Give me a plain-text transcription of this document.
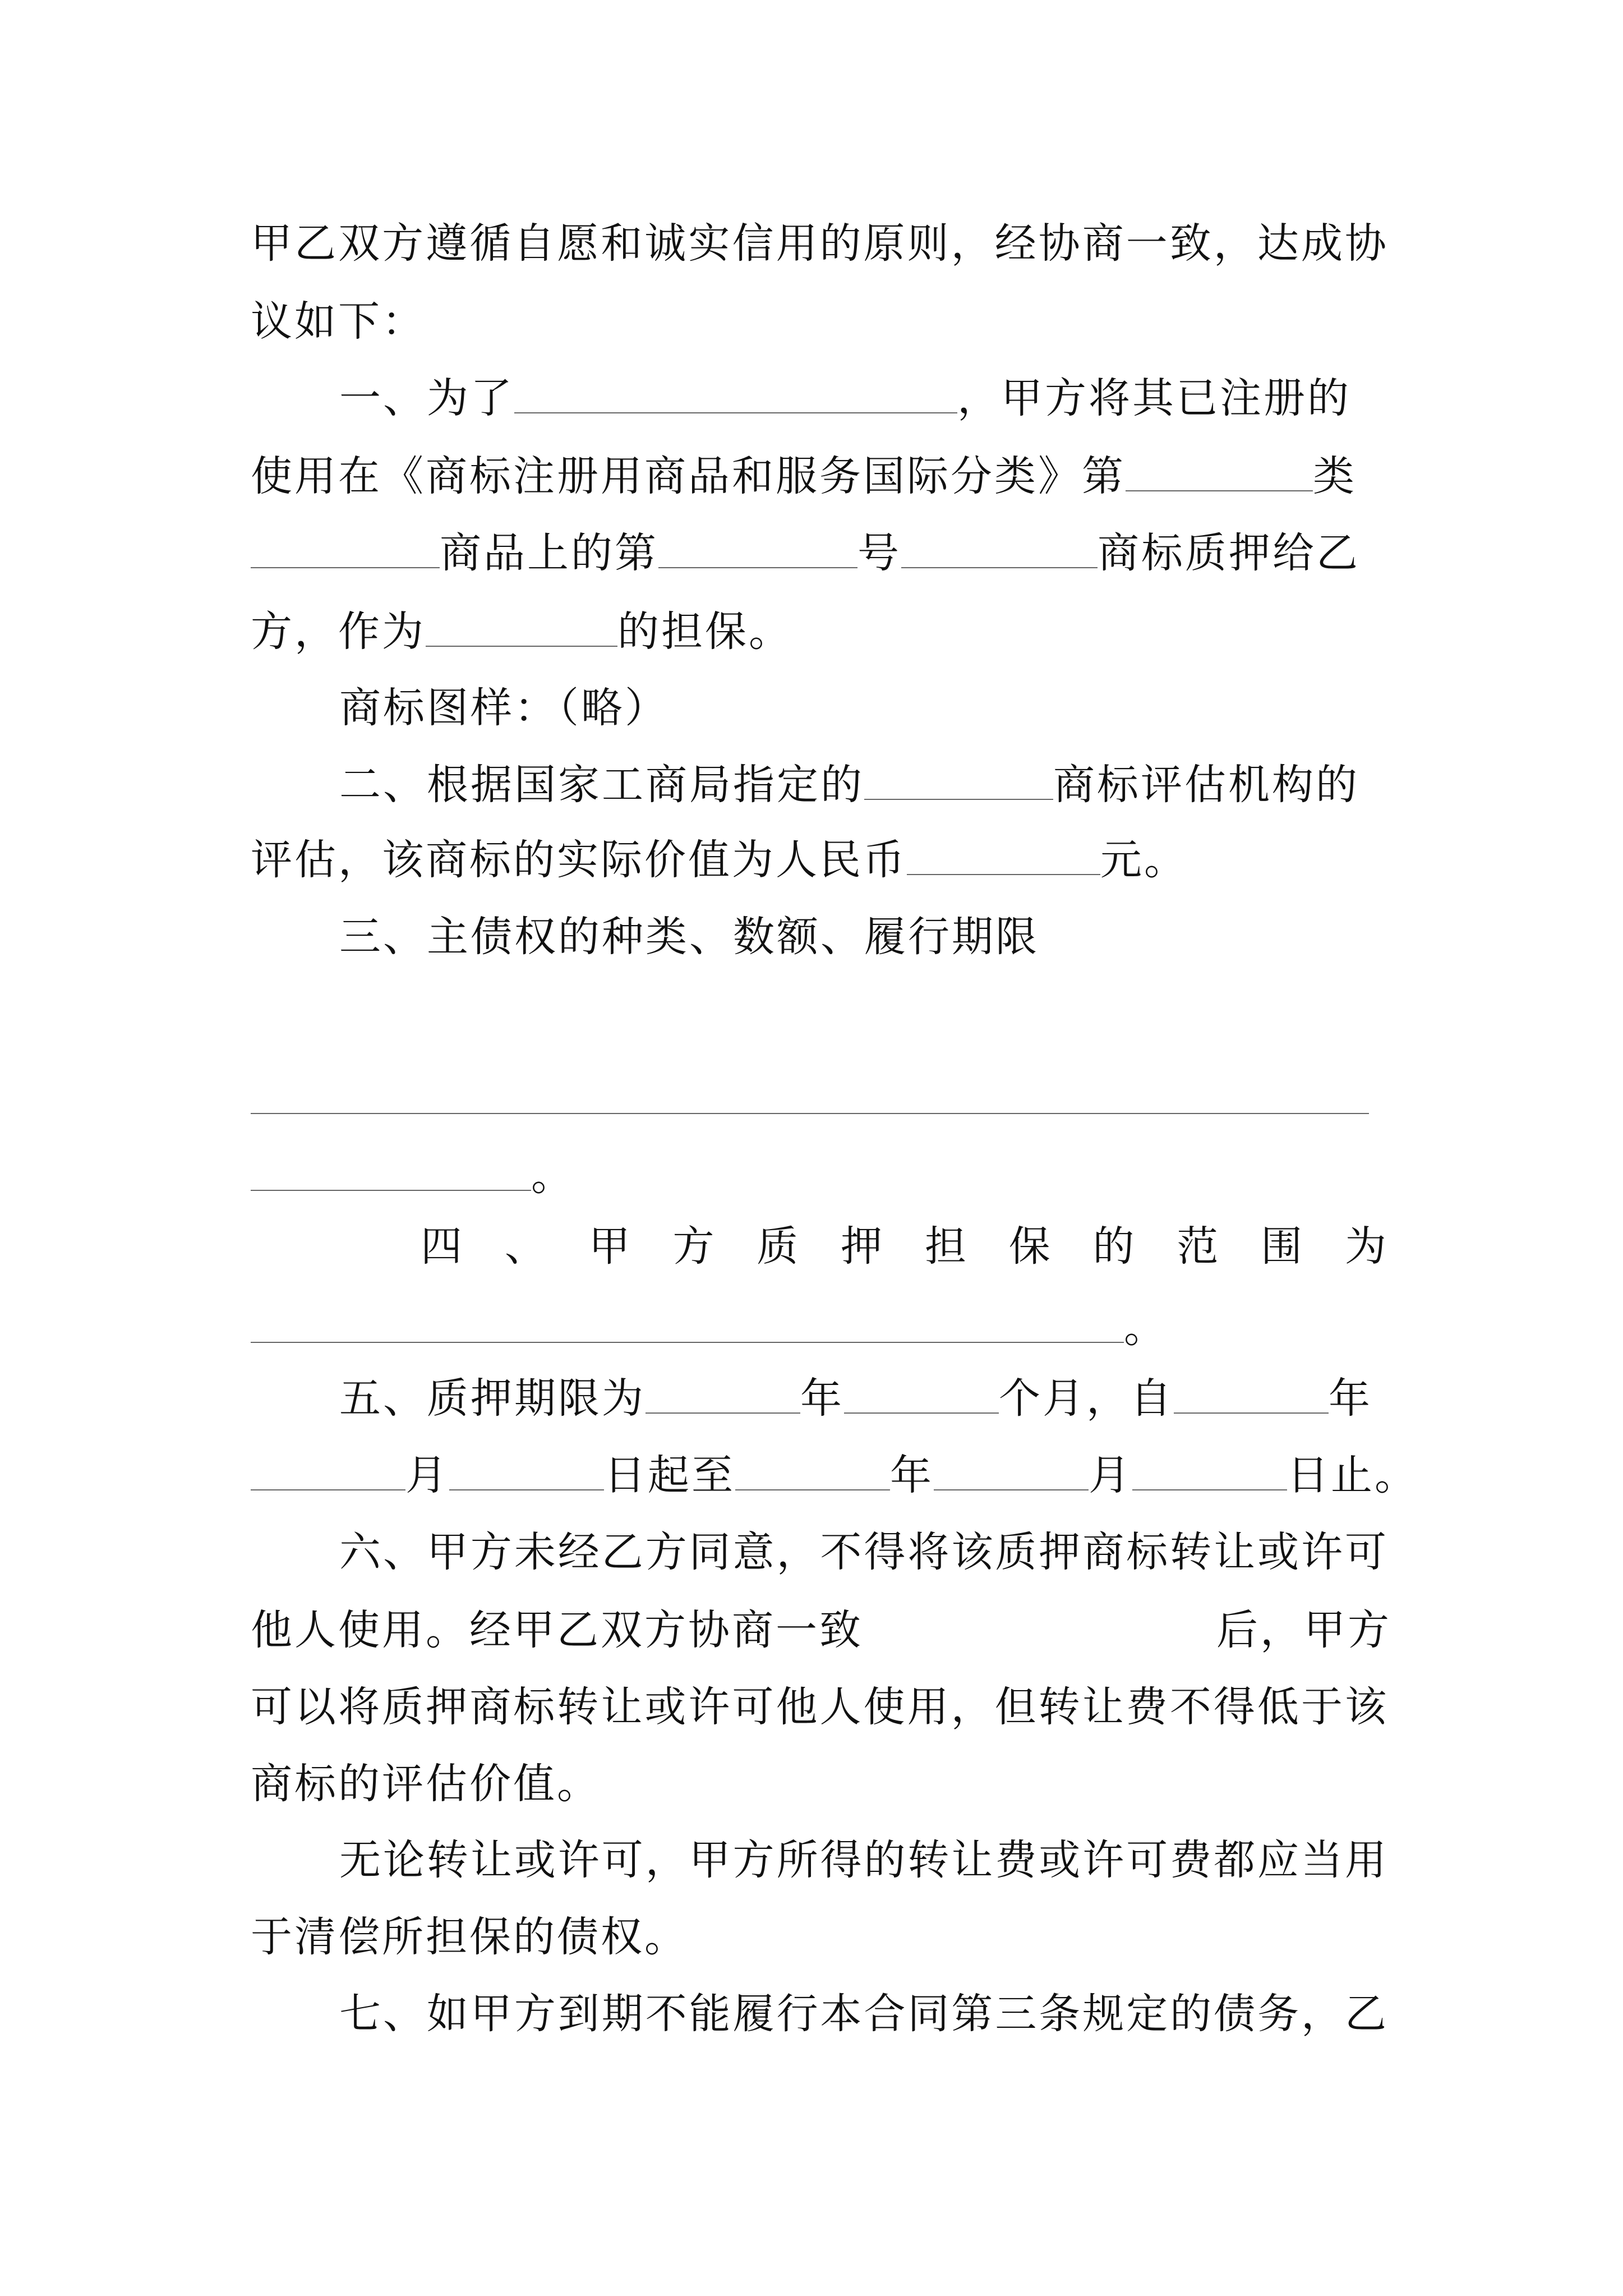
甲乙双方遵循自愿和诚实信用的原则，经协商一致，达成协
议如下：
一、为了	，甲方将其已注册的
使用在《商标注册用商品和服务国际分类》第	类
商品上的第	号	商标质押给乙
方，作为	的担保。
商标图样：（略）
二、根据国家工商局指定的	商标评估机构的
评估，该商标的实际价值为人民币	元。
三、主债权的种类、数额、履行期限
。
四、甲方质押担保的范围为
。
五、质押期限为	年	个月，自	年
月	日起至	年	月	日止。
六、甲方未经乙方同意，不得将该质押商标转让或许可
他人使用。经甲乙双方协商一致	后，甲方
可以将质押商标转让或许可他人使用，但转让费不得低于该
商标的评估价值。
无论转让或许可，甲方所得的转让费或许可费都应当用
于清偿所担保的债权。
七、如甲方到期不能履行本合同第三条规定的债务，乙
